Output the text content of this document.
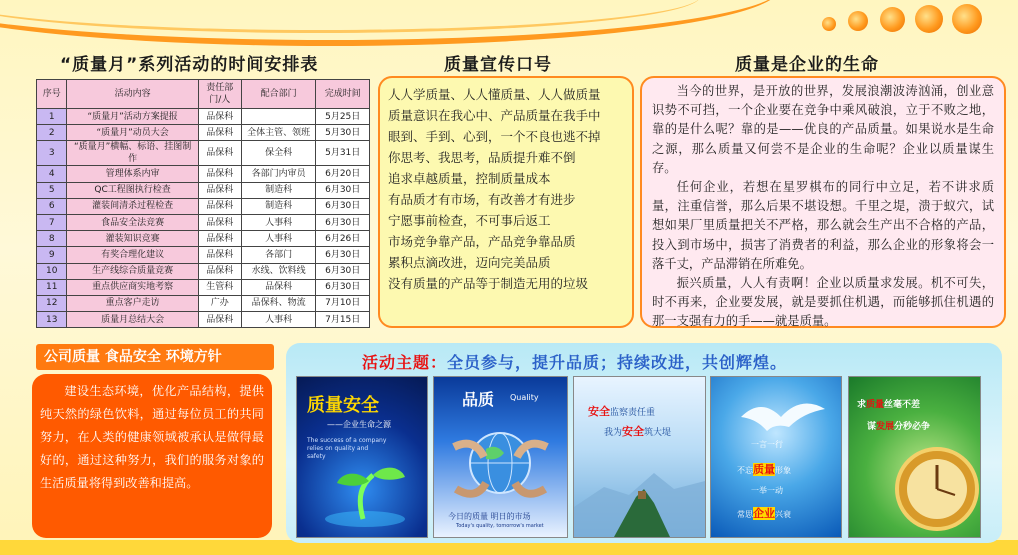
“质量月”系列活动的时间安排表
序号	活动内容	责任部门/人	配合部门	完成时间
1	“质量月”活动方案提报	品保科		5月25日
2	“质量月”动员大会	品保科	全体主管、领班	5月30日
3	“质量月”横幅、标语、挂图制作	品保科	保全科	5月31日
4	管理体系内审	品保科	各部门内审员	6月20日
5	QC工程图执行检查	品保科	制造科	6月30日
6	灌装间清杀过程检查	品保科	制造科	6月30日
7	食品安全法竞赛	品保科	人事科	6月30日
8	灌装知识竞赛	品保科	人事科	6月26日
9	有奖合理化建议	品保科	各部门	6月30日
10	生产线综合质量竞赛	品保科	水线、饮料线	6月30日
11	重点供应商实地考察	生管科	品保科	6月30日
12	重点客户走访	广办	品保科、物流	7月10日
13	质量月总结大会	品保科	人事科	7月15日
质量宣传口号
人人学质量、人人懂质量、人人做质量
质量意识在我心中、产品质量在我手中
眼到、手到、心到，一个不良也逃不掉
你思考、我思考，品质提升难不倒
追求卓越质量，控制质量成本
有品质才有市场，有改善才有进步
宁愿事前检查，不可事后返工
市场竞争靠产品，产品竞争靠品质
累积点滴改进，迈向完美品质
没有质量的产品等于制造无用的垃圾
质量是企业的生命

当今的世界，是开放的世界，发展浪潮波涛汹涌，创业意识势不可挡，一个企业要在竞争中乘风破浪，立于不败之地，靠的是什么呢？靠的是——优良的产品质量。如果说水是生命之源，那么质量又何尝不是企业的生命呢？企业以质量谋生存。

任何企业，若想在星罗棋布的同行中立足，若不讲求质量，注重信誉，那么后果不堪设想。千里之堤，溃于蚁穴，试想如果厂里质量把关不严格，那么就会生产出不合格的产品，投入到市场中，损害了消费者的利益，那么企业的形象将会一落千丈，产品滞销在所难免。

振兴质量，人人有责啊！企业以质量求发展。机不可失，时不再来，企业要发展，就是要抓住机遇，而能够抓住机遇的那一支强有力的手——就是质量。

公司质量 食品安全 环境方针

建设生态环境，优化产品结构，提供纯天然的绿色饮料，通过每位员工的共同努力，在人类的健康领域被承认是做得最好的，通过这种努力，我们的服务对象的生活质量将得到改善和提高。

活动主题：全员参与，提升品质；持续改进，共创辉煌。
质量安全
——企业生命之源
The success of a company relies on quality and safety
品质 Quality
今日的质量 明日的市场
Today's quality, tomorrow's market
安全监察责任重
我为安全筑大堤
一言一行
不忘质量形象
一举一动
常思企业兴衰
求质量丝毫不差
谋发展分秒必争
